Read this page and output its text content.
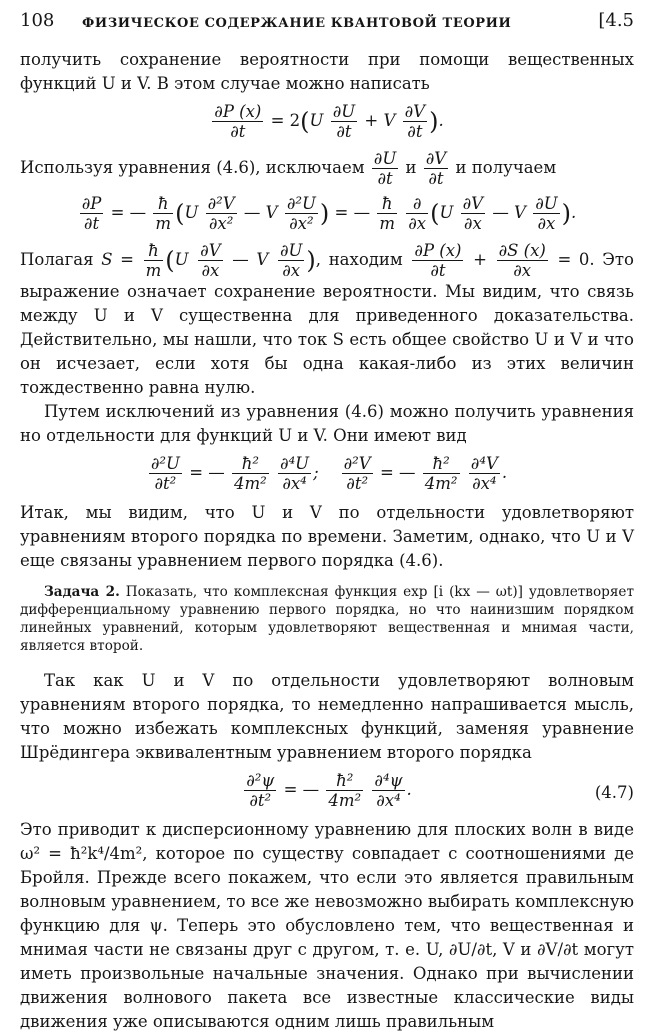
108 ФИЗИЧЕСКОЕ СОДЕРЖАНИЕ КВАНТОВОЙ ТЕОРИИ	[4.5

получить сохранение вероятности при помощи вещественных функций U и V. В этом случае можно написать

$\frac{\partial P (x)}{\partial t} = 2(U \frac{\partial U}{\partial t} + V \frac{\partial V}{\partial t}$ ).

Используя уравнения (4.6), исключаем $\frac{\partial U}{\partial t}$ и $\frac{\partial V}{\partial t}$ и получаем

$\frac{\partial P}{\partial t}$ = — $\frac{ħ}{m} (U \frac{\text{∂²V}}{\text{∂x²}}$ — V $\frac{\text{∂²U}}{\text{∂x²}}$ ) = — $\frac{ħ}{m}$
$\frac{\partial}{\partial x} (U \frac{\partial V}{\partial x}$ — V $\frac{\partial U}{\partial x}$ ).

Полагая $S = \frac{ħ}{m} (U \frac{\partial V}{\partial x}$ — V $\frac{\partial U}{\partial x}$ ), находим $\frac{\partial P (x)}{\partial t} + \frac{\partial S (x)}{\partial x} = 0$. Это выражение означает сохранение вероятности. Мы видим, что связь между U и V существенна для приведенного доказательства. Действительно, мы нашли, что ток S есть общее свойство U и V и что он исчезает, если хотя бы одна какая-либо из этих величин тождественно равна нулю.

Путем исключений из уравнения (4.6) можно получить уравнения но отдельности для функций U и V. Они имеют вид

$\frac{\text{∂²U}}{\text{∂t²}}$ = — $\frac{\text{ħ²}}{\text{4m²}}$
$\frac{\text{∂⁴U}}{\text{∂x⁴}}$ ; $\frac{\text{∂²V}}{\text{∂t²}}$ = — $\frac{\text{ħ²}}{\text{4m²}}$
$\frac{\text{∂⁴V}}{\text{∂x⁴}}$ .

Итак, мы видим, что U и V по отдельности удовлетворяют уравнениям второго порядка по времени. Заметим, однако, что U и V еще связаны уравнением первого порядка (4.6).

Задача 2. Показать, что комплексная функция exp [i (kx — ωt)] удовлетворяет дифференциальному уравнению первого порядка, но что наинизшим порядком линейных уравнений, которым удовлетворяют вещественная и мнимая части, является второй.

Так как U и V по отдельности удовлетворяют волновым уравнениям второго порядка, то немедленно напрашивается мысль, что можно избежать комплексных функций, заменяя уравнение Шрёдингера эквивалентным уравнением второго порядка

$\frac{\text{∂²ψ}}{\text{∂t²}}$ = — $\frac{\text{ħ²}}{\text{4m²}}$
$\frac{\text{∂⁴ψ}}{\text{∂x⁴}}$ .	(4.7)

Это приводит к дисперсионному уравнению для плоских волн в виде ω² = ħ²k⁴/4m², которое по существу совпадает с соотношениями де Бройля. Прежде всего покажем, что если это является правильным волновым уравнением, то все же невозможно выбирать комплексную функцию для ψ. Теперь это обусловлено тем, что вещественная и мнимая части не связаны друг с другом, т. е. U, ∂U/∂t, V и ∂V/∂t могут иметь произвольные начальные значения. Однако при вычислении движения волнового пакета все известные классические виды движения уже описываются одним лишь правильным
